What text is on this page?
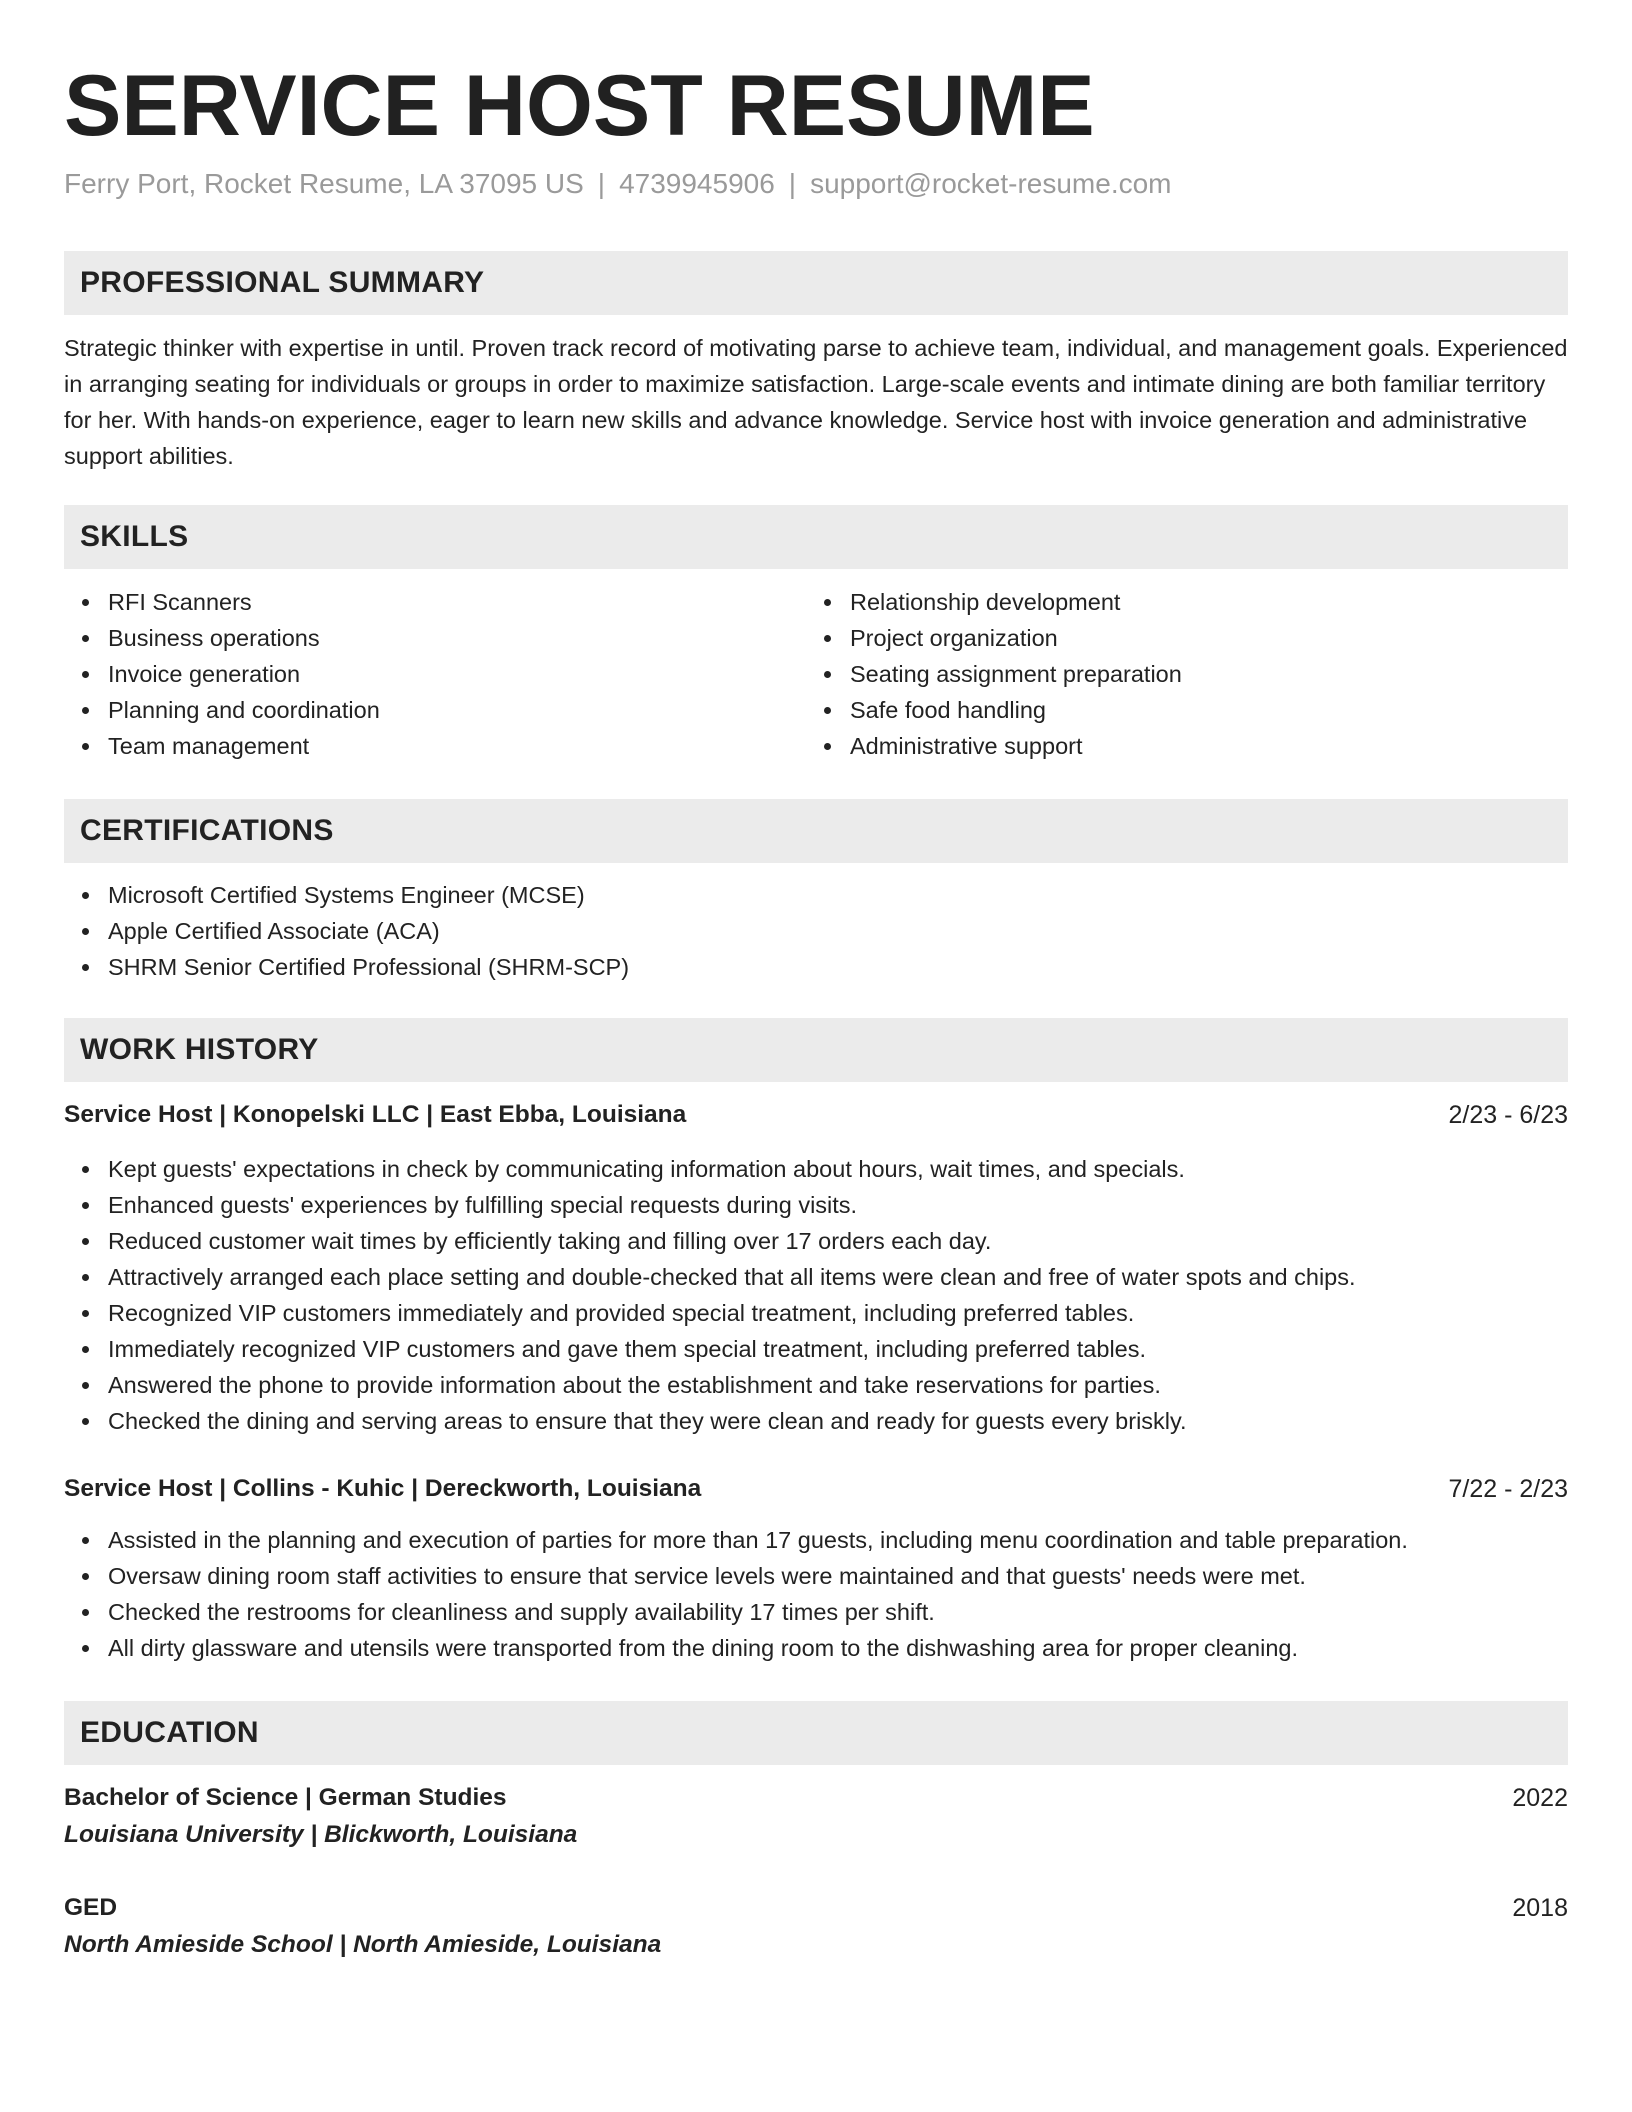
SERVICE HOST RESUME
Ferry Port, Rocket Resume, LA 37095 US | 4739945906 | support@rocket-resume.com
PROFESSIONAL SUMMARY

Strategic thinker with expertise in until. Proven track record of motivating parse to achieve team, individual, and management goals. Experienced in arranging seating for individuals or groups in order to maximize satisfaction. Large-scale events and intimate dining are both familiar territory for her. With hands-on experience, eager to learn new skills and advance knowledge. Service host with invoice generation and administrative support abilities.

SKILLS
RFI Scanners
Business operations
Invoice generation
Planning and coordination
Team management
Relationship development
Project organization
Seating assignment preparation
Safe food handling
Administrative support
CERTIFICATIONS
Microsoft Certified Systems Engineer (MCSE)
Apple Certified Associate (ACA)
SHRM Senior Certified Professional (SHRM-SCP)
WORK HISTORY
Service Host | Konopelski LLC | East Ebba, Louisiana	2/23 - 6/23
Kept guests' expectations in check by communicating information about hours, wait times, and specials.
Enhanced guests' experiences by fulfilling special requests during visits.
Reduced customer wait times by efficiently taking and filling over 17 orders each day.
Attractively arranged each place setting and double-checked that all items were clean and free of water spots and chips.
Recognized VIP customers immediately and provided special treatment, including preferred tables.
Immediately recognized VIP customers and gave them special treatment, including preferred tables.
Answered the phone to provide information about the establishment and take reservations for parties.
Checked the dining and serving areas to ensure that they were clean and ready for guests every briskly.
Service Host | Collins - Kuhic | Dereckworth, Louisiana	7/22 - 2/23
Assisted in the planning and execution of parties for more than 17 guests, including menu coordination and table preparation.
Oversaw dining room staff activities to ensure that service levels were maintained and that guests' needs were met.
Checked the restrooms for cleanliness and supply availability 17 times per shift.
All dirty glassware and utensils were transported from the dining room to the dishwashing area for proper cleaning.
EDUCATION
Bachelor of Science | German Studies	2022
Louisiana University | Blickworth, Louisiana
GED	2018
North Amieside School | North Amieside, Louisiana
